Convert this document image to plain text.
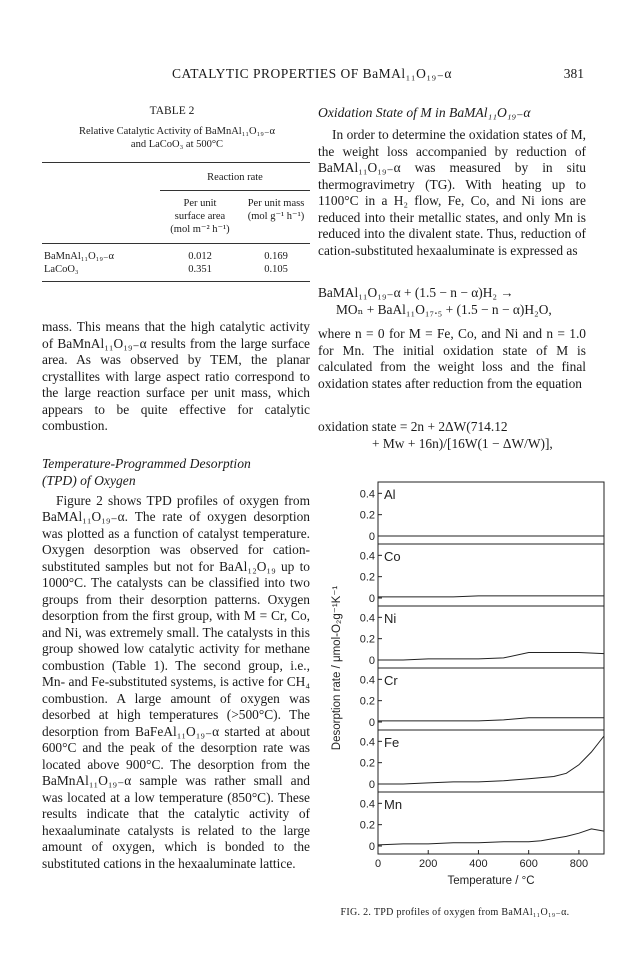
CATALYTIC PROPERTIES OF BaMAl₁₁O₁₉₋α	381
TABLE 2
Relative Catalytic Activity of BaMnAl₁₁O₁₉₋α
and LaCoO₃ at 500°C
Reaction rate
Per unit
surface area
(mol m⁻² h⁻¹)
Per unit mass
(mol g⁻¹ h⁻¹)
BaMnAl₁₁O₁₉₋α	0.012	0.169
LaCoO₃	0.351	0.105

mass. This means that the high catalytic activity of BaMnAl₁₁O₁₉₋α results from the large surface area. As was observed by TEM, the planar crystallites with large aspect ratio correspond to the large reaction surface per unit mass, which appears to be quite effective for catalytic combustion.

Temperature-Programmed Desorption
(TPD) of Oxygen

Figure 2 shows TPD profiles of oxygen from BaMAl₁₁O₁₉₋α. The rate of oxygen desorption was plotted as a function of catalyst temperature. Oxygen desorption was observed for cation-substituted samples but not for BaAl₁₂O₁₉ up to 1000°C. The catalysts can be classified into two groups from their desorption patterns. Oxygen desorption from the first group, with M = Cr, Co, and Ni, was extremely small. The catalysts in this group showed low catalytic activity for methane combustion (Table 1). The second group, i.e., Mn- and Fe-substituted systems, is active for CH₄ combustion. A large amount of oxygen was desorbed at high temperatures (>500°C). The desorption from BaFeAl₁₁O₁₉₋α started at about 600°C and the peak of the desorption rate was located above 900°C. The desorption from the BaMnAl₁₁O₁₉₋α sample was rather small and was located at a low temperature (850°C). These results indicate that the catalytic activity of hexaaluminate catalysts is related to the large amount of oxygen, which is bonded to the substituted cations in the hexaaluminate lattice.

Oxidation State of M in BaMAl₁₁O₁₉₋α

In order to determine the oxidation states of M, the weight loss accompanied by reduction of BaMAl₁₁O₁₉₋α was measured by in situ thermogravimetry (TG). With heating up to 1100°C in a H₂ flow, Fe, Co, and Ni ions are reduced into their metallic states, and only Mn is reduced into the divalent state. Thus, reduction of cation-substituted hexaaluminate is expressed as

BaMAl₁₁O₁₉₋α + (1.5 − n − α)H₂ →
MOₙ + BaAl₁₁O₁₇.₅ + (1.5 − n − α)H₂O,

where n = 0 for M = Fe, Co, and Ni and n = 1.0 for Mn. The initial oxidation state of M is calculated from the weight loss and the final oxidation states after reduction from the equation

oxidation state = 2n + 2ΔW(714.12
+ Mw + 16n)/[16W(1 − ΔW/W)],
0
0.2
0.4 Al
0
0.2
0.4 Co
0
0.2
0.4 Ni
0
0.2
0.4 Cr
0
0.2
0.4 Fe
0
0.2
0.4 Mn
0	200	400	600	800
Temperature / °C
Desorption rate / μmol-O₂g⁻¹K⁻¹
FIG. 2. TPD profiles of oxygen from BaMAl₁₁O₁₉₋α.
